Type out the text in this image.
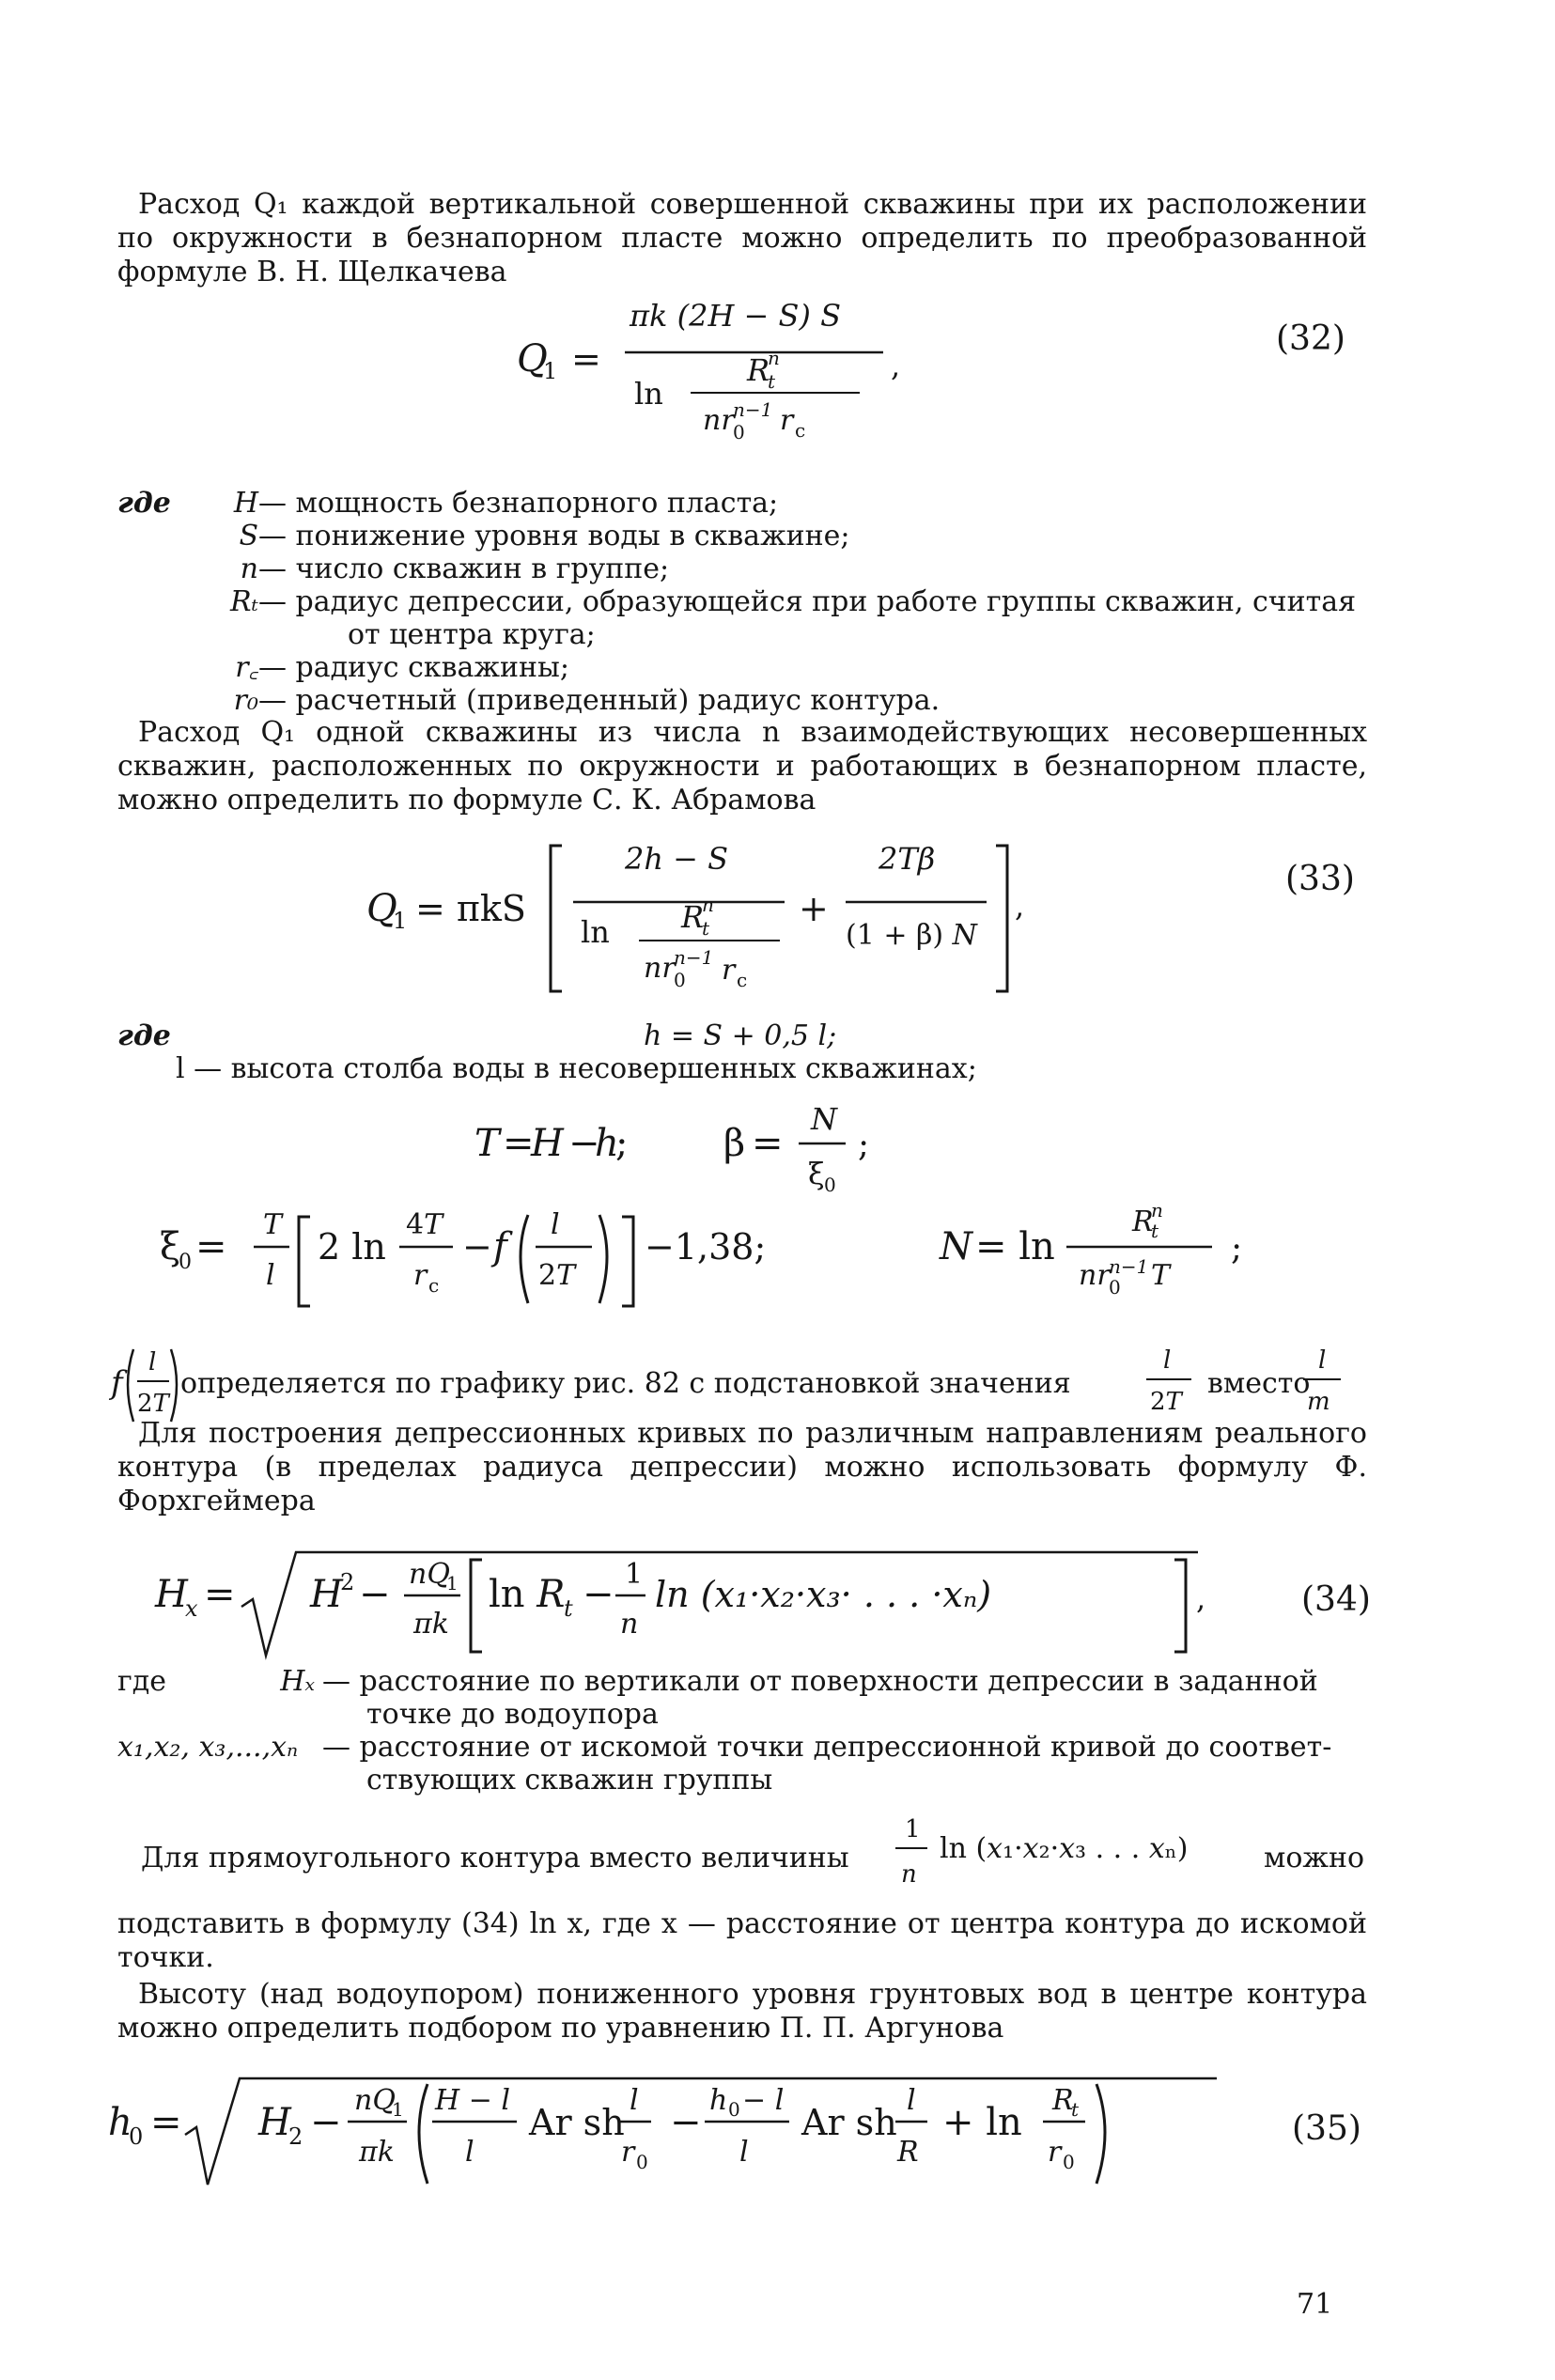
Расход Q₁ каждой вертикальной совершенной скважины при их расположении по окружности в безнапорном пласте можно определить по преобразованной формуле В. Н. Щелкачева

Q
1 =
πk (2H − S) S
ln
R
n
t
nr
n−1
0 r c
,
(32)
где	H — мощность безнапорного пласта;
S — понижение уровня воды в скважине;
n — число скважин в группе;
Rₜ — радиус депрессии, образующейся при работе группы скважин, считая
от центра круга;
r꜀ — радиус скважины;
r₀ — расчетный (приведенный) радиус контура.

Расход Q₁ одной скважины из числа n взаимодействующих несовершенных скважин, расположенных по окружности и работающих в безнапорном пласте, можно определить по формуле С. К. Абрамова

Q
1 = πkS
2h − S
ln R
n
t
nr
n−1
0 r c
+
2Tβ
(1 + β) N
,
(33)
где	h = S + 0,5 l;
l — высота столба воды в несовершенных скважинах;
T =
H −
h
;	β =
N
ξ 0
;
ξ
0 =
T
l
2 ln
4T
r c
− f
l
2T
−1,38;	N = ln
R
n
t
nr
n−1
0 T
;
f
l
2T
определяется по графику рис. 82 с подстановкой значения
l
2T
вместо
l
m

Для построения депрессионных кривых по различным направлениям реального контура (в пределах радиуса депрессии) можно использовать формулу Ф. Форхгеймера

H
x = H
2 − nQ
1
πk
ln R
t − 1
n
ln (x₁·x₂·x₃· . . . ·xₙ)	,	(34)
где	Hₓ — расстояние по вертикали от поверхности депрессии в заданной
точке до водоупора
x₁,x₂, x₃,...,xₙ — расстояние от искомой точки депрессионной кривой до соответ-
ствующих скважин группы
Для прямоугольного контура вместо величины
1
n
ln (x₁·x₂·x₃ . . . xₙ)	можно

подставить в формулу (34) ln x, где x — расстояние от центра контура до искомой точки.

Высоту (над водоупором) пониженного уровня грунтовых вод в центре контура можно определить подбором по уравнению П. П. Аргунова

h
0 = H
2 −
nQ
1
πk
H − l
l
Ar sh
l
r 0
−
h 0 − l
l
Ar sh
l
R
+ ln
R
t
r 0
(35)
71
